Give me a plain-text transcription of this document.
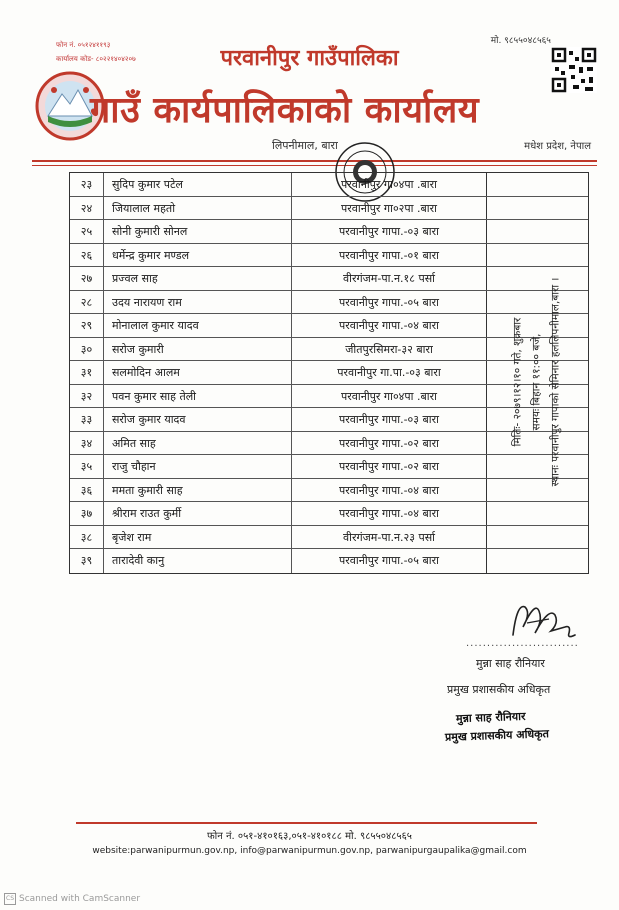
फोन नं. ०५१२४११९३
कार्यालय कोड- ८०२२१४०४२०७
मो. ९८५५०४८५६५
परवानीपुर गाउँपालिका
गाउँ कार्यपालिकाको कार्यालय
लिपनीमाल, बारा	मधेश प्रदेश, नेपाल
२३	सुदिप कुमार पटेल	परवानीपुर गा०४पा .बारा
२४	जियालाल महतो	परवानीपुर गा०२पा .बारा
२५	सोनी कुमारी सोनल	परवानीपुर गापा.-०३ बारा
२६	धर्मेन्द्र कुमार मण्डल	परवानीपुर गापा.-०१ बारा
२७	प्रज्वल साह	वीरगंजम-पा.न.१८ पर्सा
२८	उदय नारायण राम	परवानीपुर गापा.-०५ बारा
२९	मोनालाल कुमार यादव	परवानीपुर गापा.-०४ बारा
३०	सरोज कुमारी	जीतपुरसिमरा-३२ बारा
३१	सलमोदिन आलम	परवानीपुर गा.पा.-०३ बारा
३२	पवन कुमार साह तेली	परवानीपुर गा०४पा .बारा
३३	सरोज कुमार यादव	परवानीपुर गापा.-०३ बारा
३४	अमित साह	परवानीपुर गापा.-०२ बारा
३५	राजु चौहान	परवानीपुर गापा.-०२ बारा
३६	ममता कुमारी साह	परवानीपुर गापा.-०४ बारा
३७	श्रीराम राउत कुर्मी	परवानीपुर गापा.-०४ बारा
३८	बृजेश राम	वीरगंजम-पा.न.२३ पर्सा
३९	तारादेवी कानु	परवानीपुर गापा.-०५ बारा
मितिः- २०७९।१२।१० गते, शुक्रबार समयः बिहान ११:०० बजे, स्थानः परवानीपुर गापाको सेमिनार हललिपनीमाल,बारा ।
...........................
मुन्ना साह रौनियार
प्रमुख प्रशासकीय अधिकृत
मुन्ना साह रौनियार
प्रमुख प्रशासकीय अधिकृत
फोन नं. ०५१-४१०१६३,०५१-४१०१८८ मो. ९८५५०४८५६५
website:parwanipurmun.gov.np, info@parwanipurmun.gov.np, parwanipurgaupalika@gmail.com
CS Scanned with CamScanner
